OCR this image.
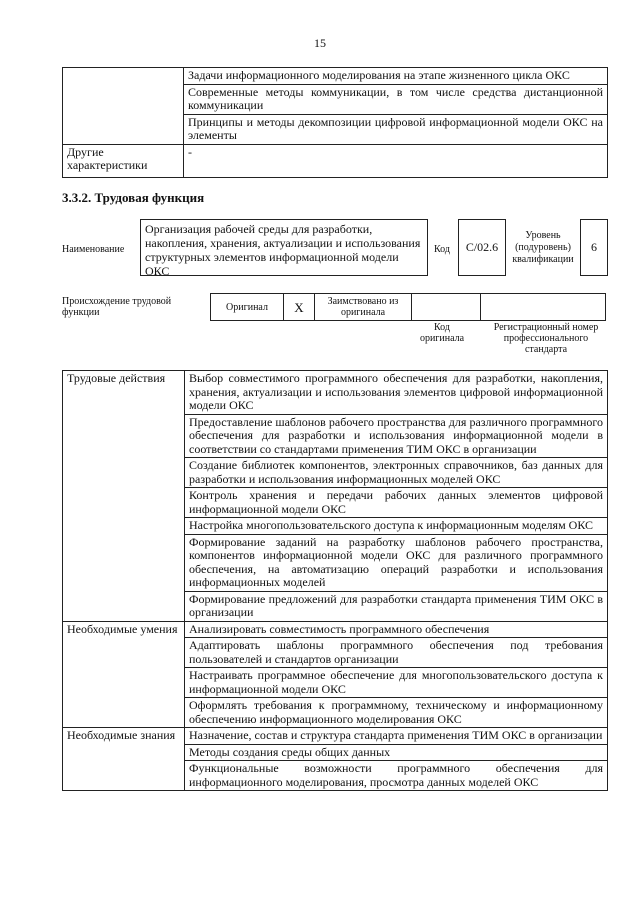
15
	Задачи информационного моделирования на этапе жизненного цикла ОКС
	Современные методы коммуникации, в том числе средства дистанционной коммуникации
	Принципы и методы декомпозиции цифровой информационной модели ОКС на элементы
Другие характеристики	-
3.3.2. Трудовая функция
Наименование
Организация рабочей среды для разработки, накопления, хранения, актуализации и использования структурных элементов информационной модели ОКС
Код	C/02.6
Уровень (подуровень) квалификации
6
Происхождение трудовой функции	Оригинал	X	Заимствовано из оригинала		
Код оригинала
Регистрационный номер профессионального стандарта
Трудовые действия	Выбор совместимого программного обеспечения для разработки, накопления, хранения, актуализации и использования элементов цифровой информационной модели ОКС
	Предоставление шаблонов рабочего пространства для различного программного обеспечения для разработки и использования информационной модели в соответствии со стандартами применения ТИМ ОКС в организации
	Создание библиотек компонентов, электронных справочников, баз данных для разработки и использования информационных моделей ОКС
	Контроль хранения и передачи рабочих данных элементов цифровой информационной модели ОКС
	Настройка многопользовательского доступа к информационным моделям ОКС
	Формирование заданий на разработку шаблонов рабочего пространства, компонентов информационной модели ОКС для различного программного обеспечения, на автоматизацию операций разработки и использования информационных моделей
	Формирование предложений для разработки стандарта применения ТИМ ОКС в организации
Необходимые умения	Анализировать совместимость программного обеспечения
	Адаптировать шаблоны программного обеспечения под требования пользователей и стандартов организации
	Настраивать программное обеспечение для многопользовательского доступа к информационной модели ОКС
	Оформлять требования к программному, техническому и информационному обеспечению информационного моделирования ОКС
Необходимые знания	Назначение, состав и структура стандарта применения ТИМ ОКС в организации
	Методы создания среды общих данных
	Функциональные возможности программного обеспечения для информационного моделирования, просмотра данных моделей ОКС
